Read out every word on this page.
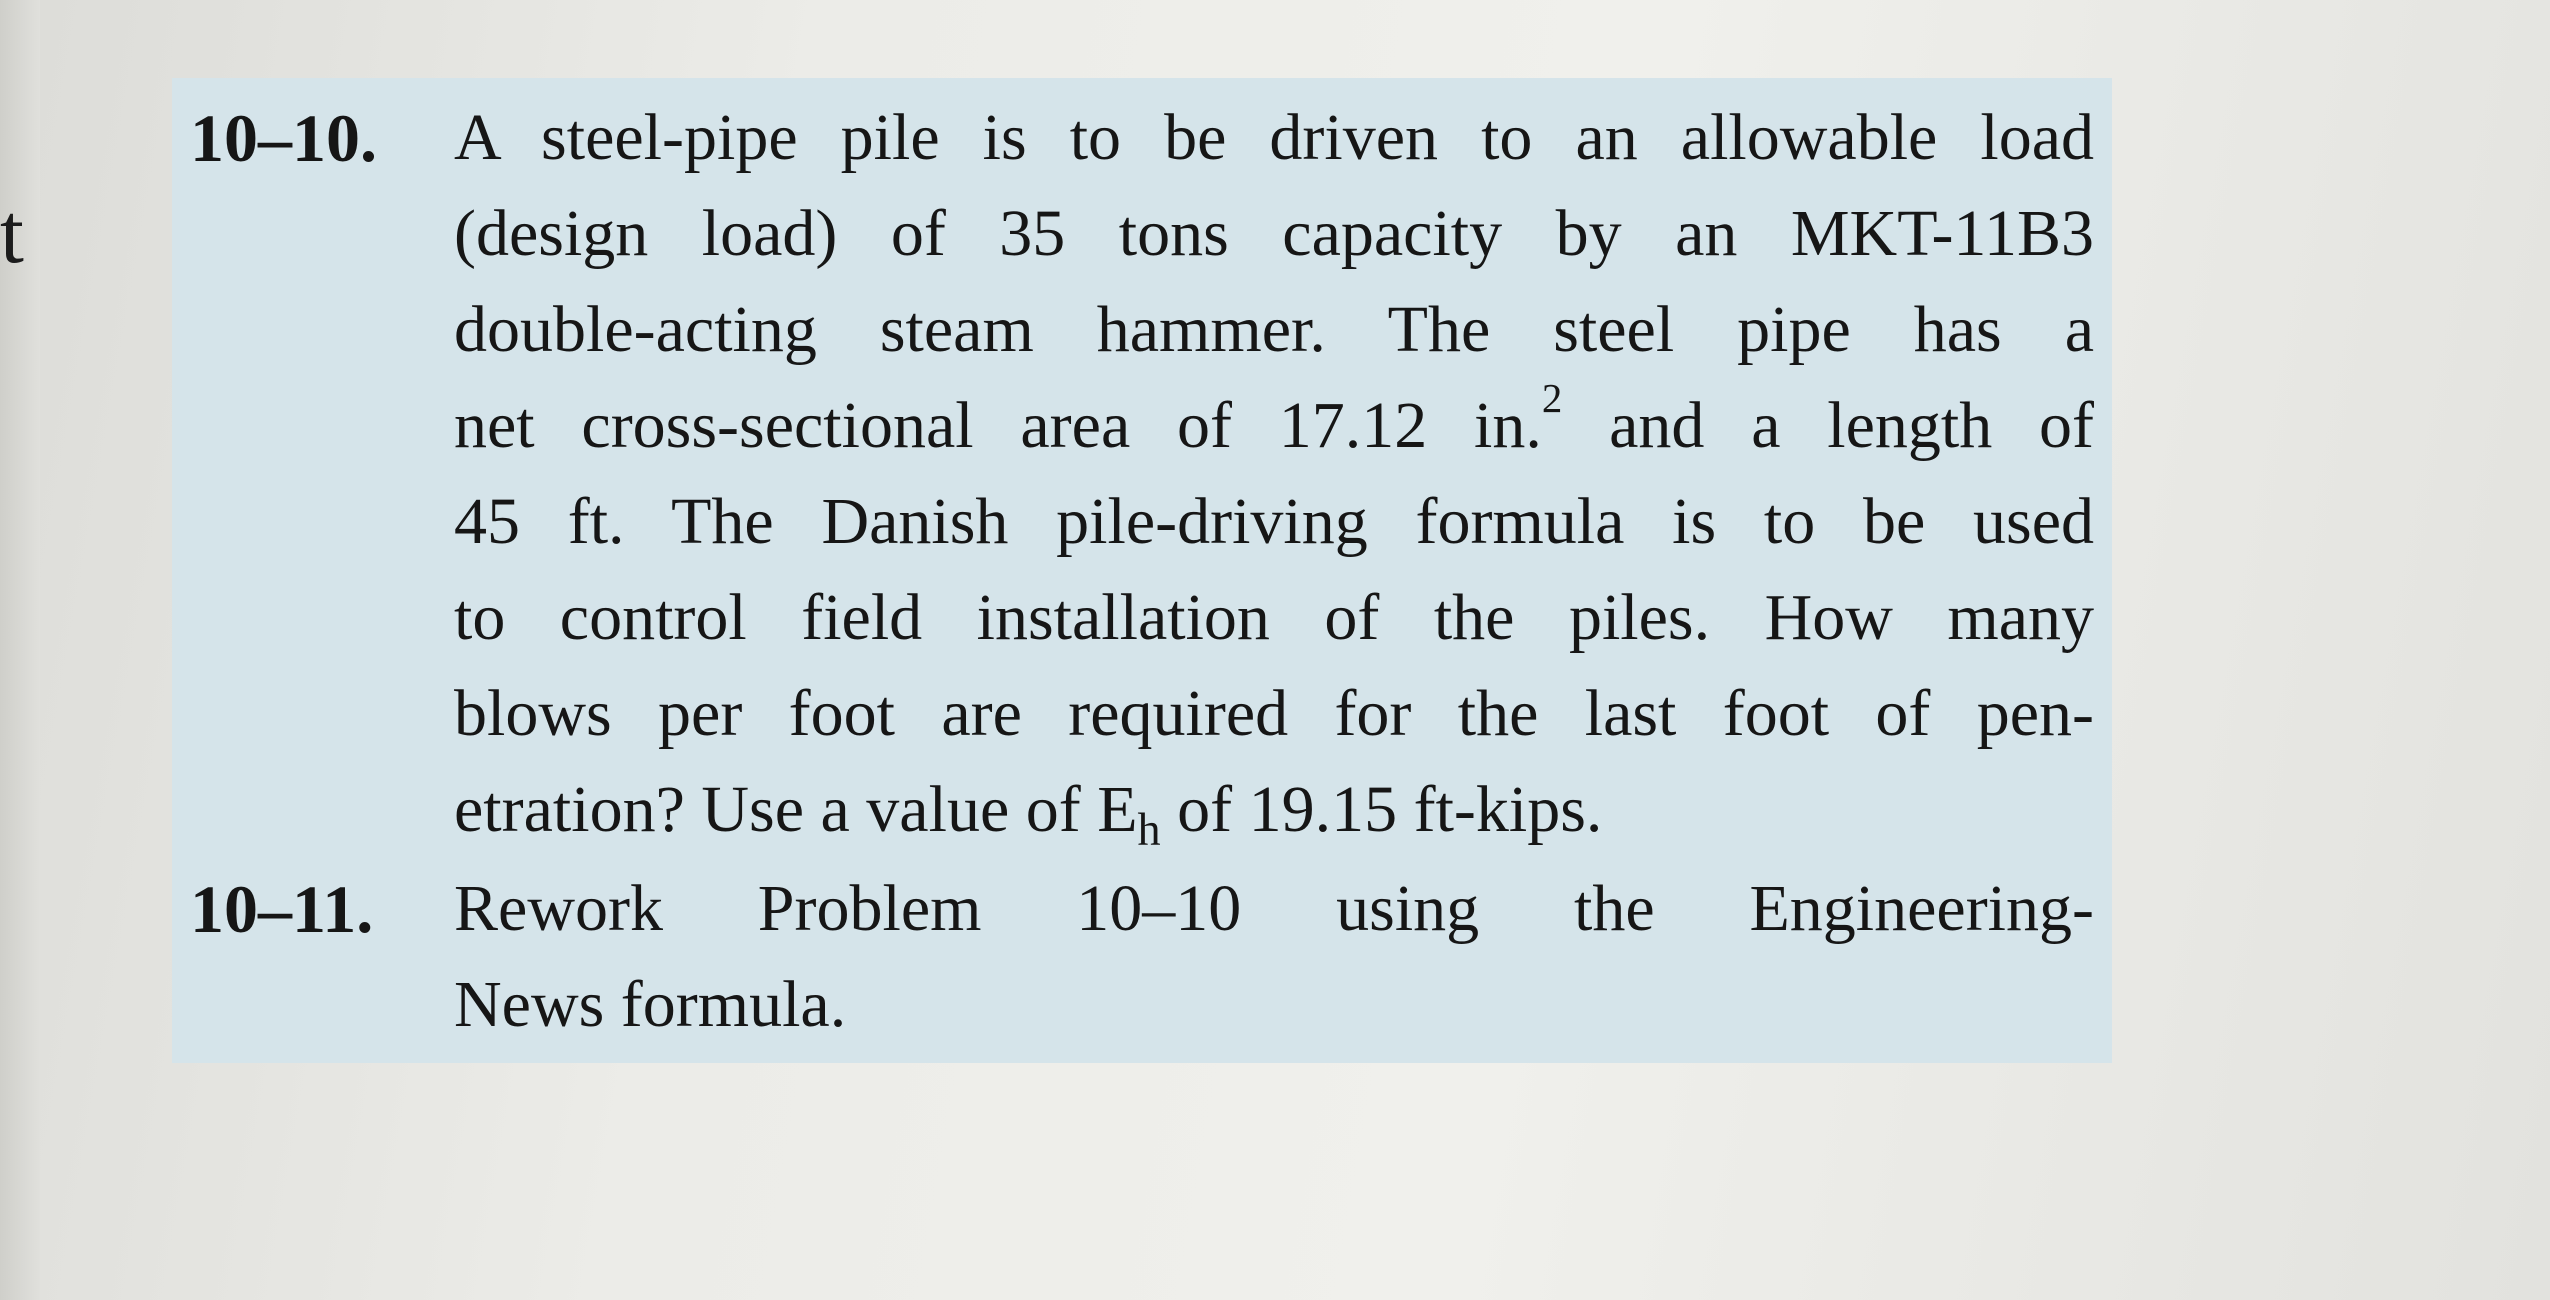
t
10–10. A steel-pipe pile is to be driven to an allowable load
(design load) of 35 tons capacity by an MKT-11B3
double-acting steam hammer. The steel pipe has a
net cross-sectional area of 17.12 in.$^2$ and a length of
45 ft. The Danish pile-driving formula is to be used
to control field installation of the piles. How many
blows per foot are required for the last foot of pen-
etration? Use a value of $E_h$ of 19.15 ft-kips.
10–11. Rework Problem 10–10 using the Engineering-
News formula.
